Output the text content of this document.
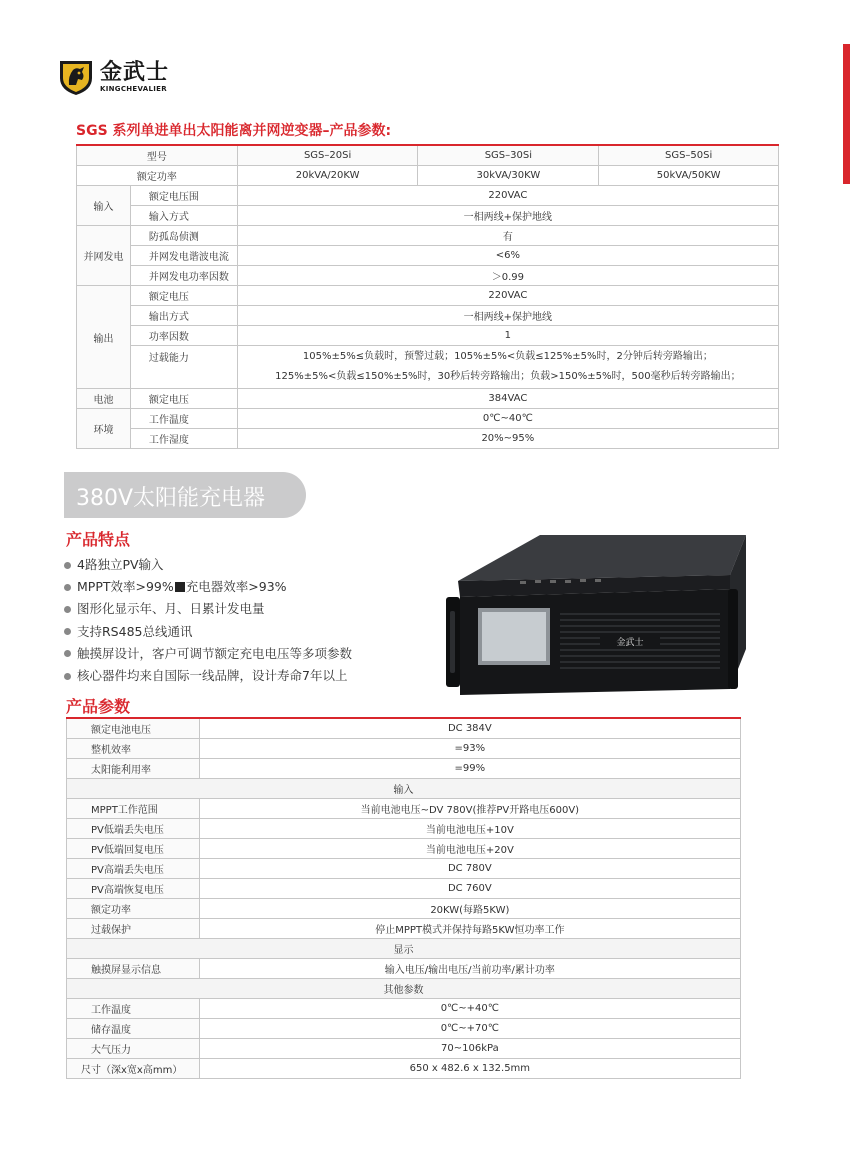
金武士
KINGCHEVALIER
SGS 系列单进单出太阳能离并网逆变器–产品参数:
型号		SGS–20Si	SGS–30Si	SGS–50Si
额定功率		20kVA/20KW	30kVA/30KW	50kVA/50KW
输入	额定电压围	220VAC		
	输入方式	一相两线+保护地线		
并网发电	防孤岛侦测	有		
	并网发电谐波电流	<6%		
	并网发电功率因数	＞0.99		
输出	额定电压	220VAC		
	输出方式	一相两线+保护地线		
	功率因数	1		
	过载能力	105%±5%≤负载时，预警过载；105%±5%<负载≤125%±5%时，2分钟后转旁路输出；
125%±5%<负载≤150%±5%时，30秒后转旁路输出；负载>150%±5%时，500毫秒后转旁路输出；		

电池	额定电压	384VAC		
环境	工作温度	0℃~40℃		
	工作湿度	20%~95%		
380V太阳能充电器
产品特点
4路独立PV输入
MPPT效率>99% 充电器效率>93%
图形化显示年、月、日累计发电量
支持RS485总线通讯
触摸屏设计，客户可调节额定充电电压等多项参数
核心器件均来自国际一线品牌，设计寿命7年以上
金武士
产品参数
额定电池电压	DC 384V
整机效率	=93%
太阳能利用率	=99%
输入	
MPPT工作范围	当前电池电压~DV 780V(推荐PV开路电压600V)
PV低端丢失电压	当前电池电压+10V
PV低端回复电压	当前电池电压+20V
PV高端丢失电压	DC 780V
PV高端恢复电压	DC 760V
额定功率	20KW(每路5KW)
过载保护	停止MPPT模式并保持每路5KW恒功率工作
显示	
触摸屏显示信息	输入电压/输出电压/当前功率/累计功率
其他参数	
工作温度	0℃~+40℃
储存温度	0℃~+70℃
大气压力	70~106kPa
尺寸（深x宽x高mm）	650 x 482.6 x 132.5mm
